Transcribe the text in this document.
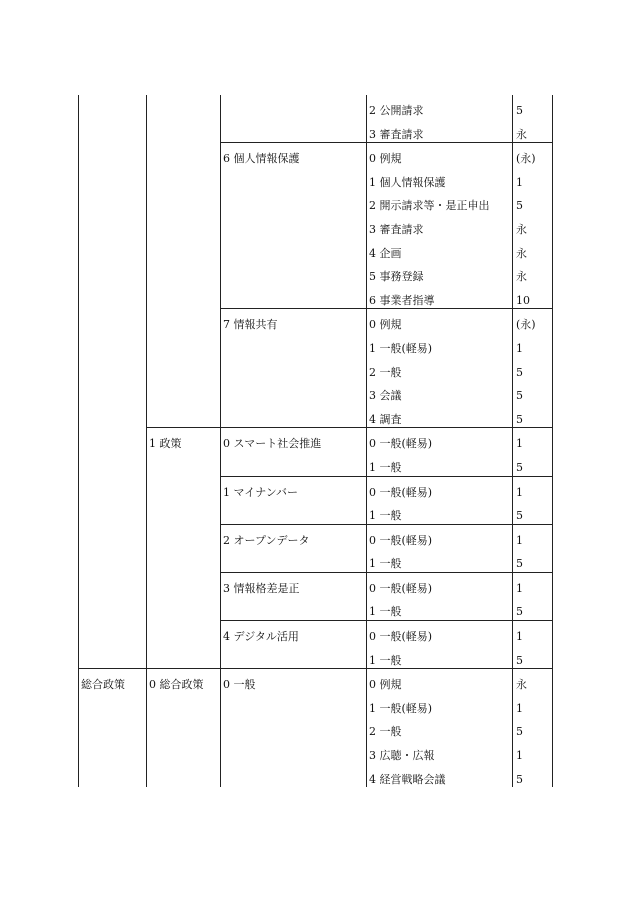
			2 公開請求	5
			3 審査請求	永
		6 個人情報保護	0 例規	(永)
			1 個人情報保護	1
			2 開示請求等・是正申出	5
			3 審査請求	永
			4 企画	永
			5 事務登録	永
			6 事業者指導	10
		7 情報共有	0 例規	(永)
			1 一般(軽易)	1
			2 一般	5
			3 会議	5
			4 調査	5
	1 政策	0 スマート社会推進	0 一般(軽易)	1
			1 一般	5
		1 マイナンバー	0 一般(軽易)	1
			1 一般	5
		2 オープンデータ	0 一般(軽易)	1
			1 一般	5
		3 情報格差是正	0 一般(軽易)	1
			1 一般	5
		4 デジタル活用	0 一般(軽易)	1
			1 一般	5
総合政策	0 総合政策	0 一般	0 例規	永
			1 一般(軽易)	1
			2 一般	5
			3 広聴・広報	1
			4 経営戦略会議	5
